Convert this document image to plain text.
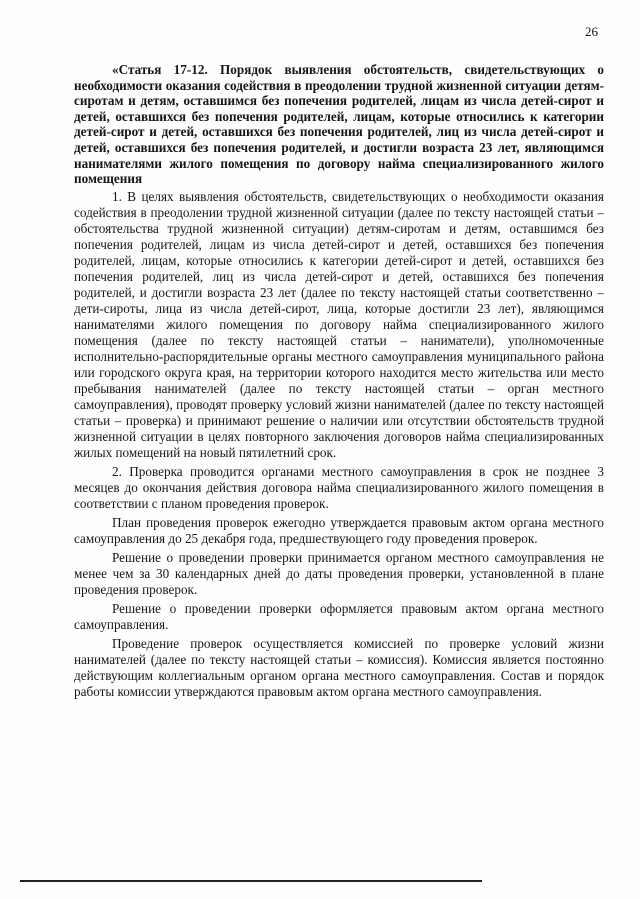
26

«Статья 17-12. Порядок выявления обстоятельств, свидетельствующих о необходимости оказания содействия в преодолении трудной жизненной ситуации детям-сиротам и детям, оставшимся без попечения родителей, лицам из числа детей-сирот и детей, оставшихся без попечения родителей, лицам, которые относились к категории детей-сирот и детей, оставшихся без попечения родителей, лиц из числа детей-сирот и детей, оставшихся без попечения родителей, и достигли возраста 23 лет, являющимся нанимателями жилого помещения по договору найма специализированного жилого помещения

1. В целях выявления обстоятельств, свидетельствующих о необходимости оказания содействия в преодолении трудной жизненной ситуации (далее по тексту настоящей статьи – обстоятельства трудной жизненной ситуации) детям-сиротам и детям, оставшимся без попечения родителей, лицам из числа детей-сирот и детей, оставшихся без попечения родителей, лицам, которые относились к категории детей-сирот и детей, оставшихся без попечения родителей, лиц из числа детей-сирот и детей, оставшихся без попечения родителей, и достигли возраста 23 лет (далее по тексту настоящей статьи соответственно – дети-сироты, лица из числа детей-сирот, лица, которые достигли 23 лет), являющимся нанимателями жилого помещения по договору найма специализированного жилого помещения (далее по тексту настоящей статьи – наниматели), уполномоченные исполнительно-распорядительные органы местного самоуправления муниципального района или городского округа края, на территории которого находится место жительства или место пребывания нанимателей (далее по тексту настоящей статьи – орган местного самоуправления), проводят проверку условий жизни нанимателей (далее по тексту настоящей статьи – проверка) и принимают решение о наличии или отсутствии обстоятельств трудной жизненной ситуации в целях повторного заключения договоров найма специализированных жилых помещений на новый пятилетний срок.

2. Проверка проводится органами местного самоуправления в срок не позднее 3 месяцев до окончания действия договора найма специализированного жилого помещения в соответствии с планом проведения проверок.

План проведения проверок ежегодно утверждается правовым актом органа местного самоуправления до 25 декабря года, предшествующего году проведения проверок.

Решение о проведении проверки принимается органом местного самоуправления не менее чем за 30 календарных дней до даты проведения проверки, установленной в плане проведения проверок.

Решение о проведении проверки оформляется правовым актом органа местного самоуправления.

Проведение проверок осуществляется комиссией по проверке условий жизни нанимателей (далее по тексту настоящей статьи – комиссия). Комиссия является постоянно действующим коллегиальным органом органа местного самоуправления. Состав и порядок работы комиссии утверждаются правовым актом органа местного самоуправления.
